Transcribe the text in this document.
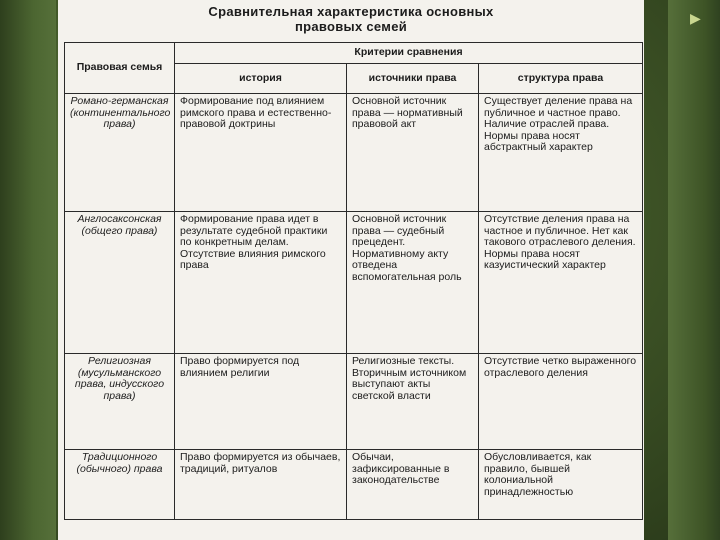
▶
Сравнительная характеристика основных
правовых семей
Правовая семья	Критерии сравнения		
	история	источники права	структура права
Романо-германская (континентального права)	Формирование под влиянием римского права и естественно-правовой доктрины	Основной источник права — нормативный правовой акт	Существует деление права на публичное и частное право. Наличие отраслей права. Нормы права носят абстрактный характер
Англосаксонская (общего права)	Формирование права идет в результате судебной практики по конкретным делам. Отсутствие влияния римского права	Основной источник права — судебный прецедент. Нормативному акту отведена вспомогательная роль	Отсутствие деления права на частное и публичное. Нет как такового отраслевого деления. Нормы права носят казуистический характер
Религиозная (мусульманского права, индусского права)	Право формируется под влиянием религии	Религиозные тексты. Вторичным источником выступают акты светской власти	Отсутствие четко выраженного отраслевого деления
Традиционного (обычного) права	Право формируется из обычаев, традиций, ритуалов	Обычаи, зафиксированные в законодательстве	Обусловливается, как правило, бывшей колониальной принадлежностью
